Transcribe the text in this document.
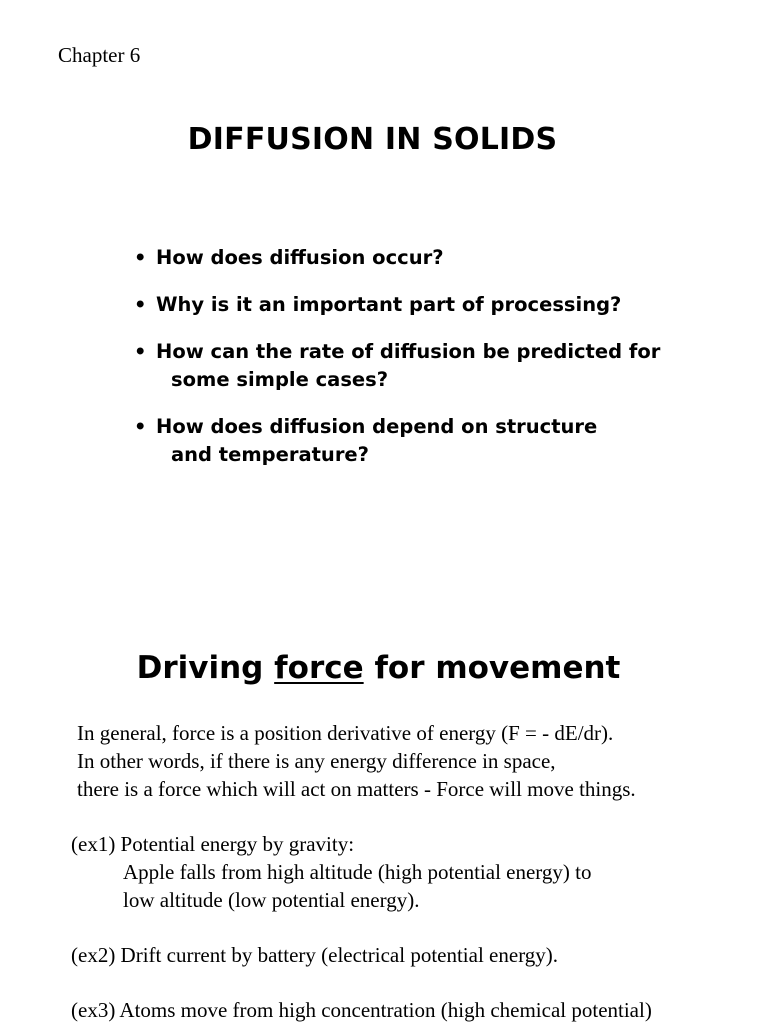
Chapter 6
DIFFUSION IN SOLIDS
• How does diffusion occur?
• Why is it an important part of processing?
• How can the rate of diffusion be predicted for
some simple cases?
• How does diffusion depend on structure
and temperature?
Driving force for movement
In general, force is a position derivative of energy (F = - dE/dr).
In other words, if there is any energy difference in space,
there is a force which will act on matters - Force will move things.
(ex1) Potential energy by gravity:
Apple falls from high altitude (high potential energy) to
low altitude (low potential energy).
(ex2) Drift current by battery (electrical potential energy).
(ex3) Atoms move from high concentration (high chemical potential)
